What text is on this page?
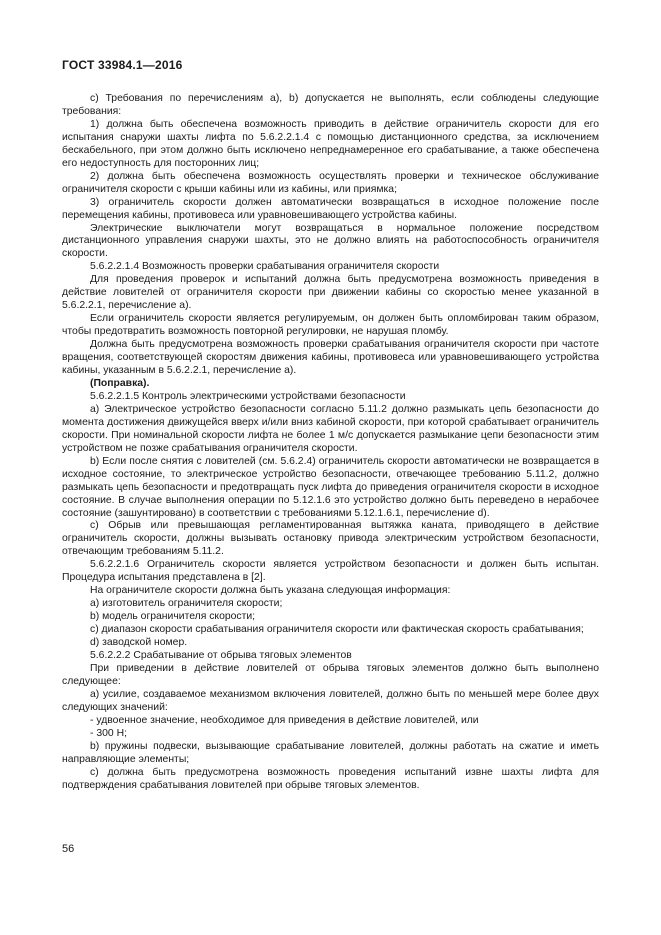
ГОСТ 33984.1—2016

c) Требования по перечислениям а), b) допускается не выполнять, если соблюдены следующие требования:

1) должна быть обеспечена возможность приводить в действие ограничитель скорости для его испытания снаружи шахты лифта по 5.6.2.2.1.4 с помощью дистанционного средства, за исключением бескабельного, при этом должно быть исключено непреднамеренное его срабатывание, а также обеспечена его недоступность для посторонних лиц;

2) должна быть обеспечена возможность осуществлять проверки и техническое обслуживание ограничителя скорости с крыши кабины или из кабины, или приямка;

3) ограничитель скорости должен автоматически возвращаться в исходное положение после перемещения кабины, противовеса или уравновешивающего устройства кабины.

Электрические выключатели могут возвращаться в нормальное положение посредством дистанционного управления снаружи шахты, это не должно влиять на работоспособность ограничителя скорости.

5.6.2.2.1.4 Возможность проверки срабатывания ограничителя скорости

Для проведения проверок и испытаний должна быть предусмотрена возможность приведения в действие ловителей от ограничителя скорости при движении кабины со скоростью менее указанной в 5.6.2.2.1, перечисление а).

Если ограничитель скорости является регулируемым, он должен быть опломбирован таким образом, чтобы предотвратить возможность повторной регулировки, не нарушая пломбу.

Должна быть предусмотрена возможность проверки срабатывания ограничителя скорости при частоте вращения, соответствующей скоростям движения кабины, противовеса или уравновешивающего устройства кабины, указанным в 5.6.2.2.1, перечисление а).

(Поправка).

5.6.2.2.1.5 Контроль электрическими устройствами безопасности

а) Электрическое устройство безопасности согласно 5.11.2 должно размыкать цепь безопасности до момента достижения движущейся вверх и/или вниз кабиной скорости, при которой срабатывает ограничитель скорости. При номинальной скорости лифта не более 1 м/с допускается размыкание цепи безопасности этим устройством не позже срабатывания ограничителя скорости.

b) Если после снятия с ловителей (см. 5.6.2.4) ограничитель скорости автоматически не возвращается в исходное состояние, то электрическое устройство безопасности, отвечающее требованию 5.11.2, должно размыкать цепь безопасности и предотвращать пуск лифта до приведения ограничителя скорости в исходное состояние. В случае выполнения операции по 5.12.1.6 это устройство должно быть переведено в нерабочее состояние (зашунтировано) в соответствии с требованиями 5.12.1.6.1, перечисление d).

c) Обрыв или превышающая регламентированная вытяжка каната, приводящего в действие ограничитель скорости, должны вызывать остановку привода электрическим устройством безопасности, отвечающим требованиям 5.11.2.

5.6.2.2.1.6 Ограничитель скорости является устройством безопасности и должен быть испытан. Процедура испытания представлена в [2].

На ограничителе скорости должна быть указана следующая информация:

а) изготовитель ограничителя скорости;

b) модель ограничителя скорости;

c) диапазон скорости срабатывания ограничителя скорости или фактическая скорость срабатывания;

d) заводской номер.

5.6.2.2.2 Срабатывание от обрыва тяговых элементов

При приведении в действие ловителей от обрыва тяговых элементов должно быть выполнено следующее:

а) усилие, создаваемое механизмом включения ловителей, должно быть по меньшей мере более двух следующих значений:

- удвоенное значение, необходимое для приведения в действие ловителей, или

- 300 Н;

b) пружины подвески, вызывающие срабатывание ловителей, должны работать на сжатие и иметь направляющие элементы;

c) должна быть предусмотрена возможность проведения испытаний извне шахты лифта для подтверждения срабатывания ловителей при обрыве тяговых элементов.

56
